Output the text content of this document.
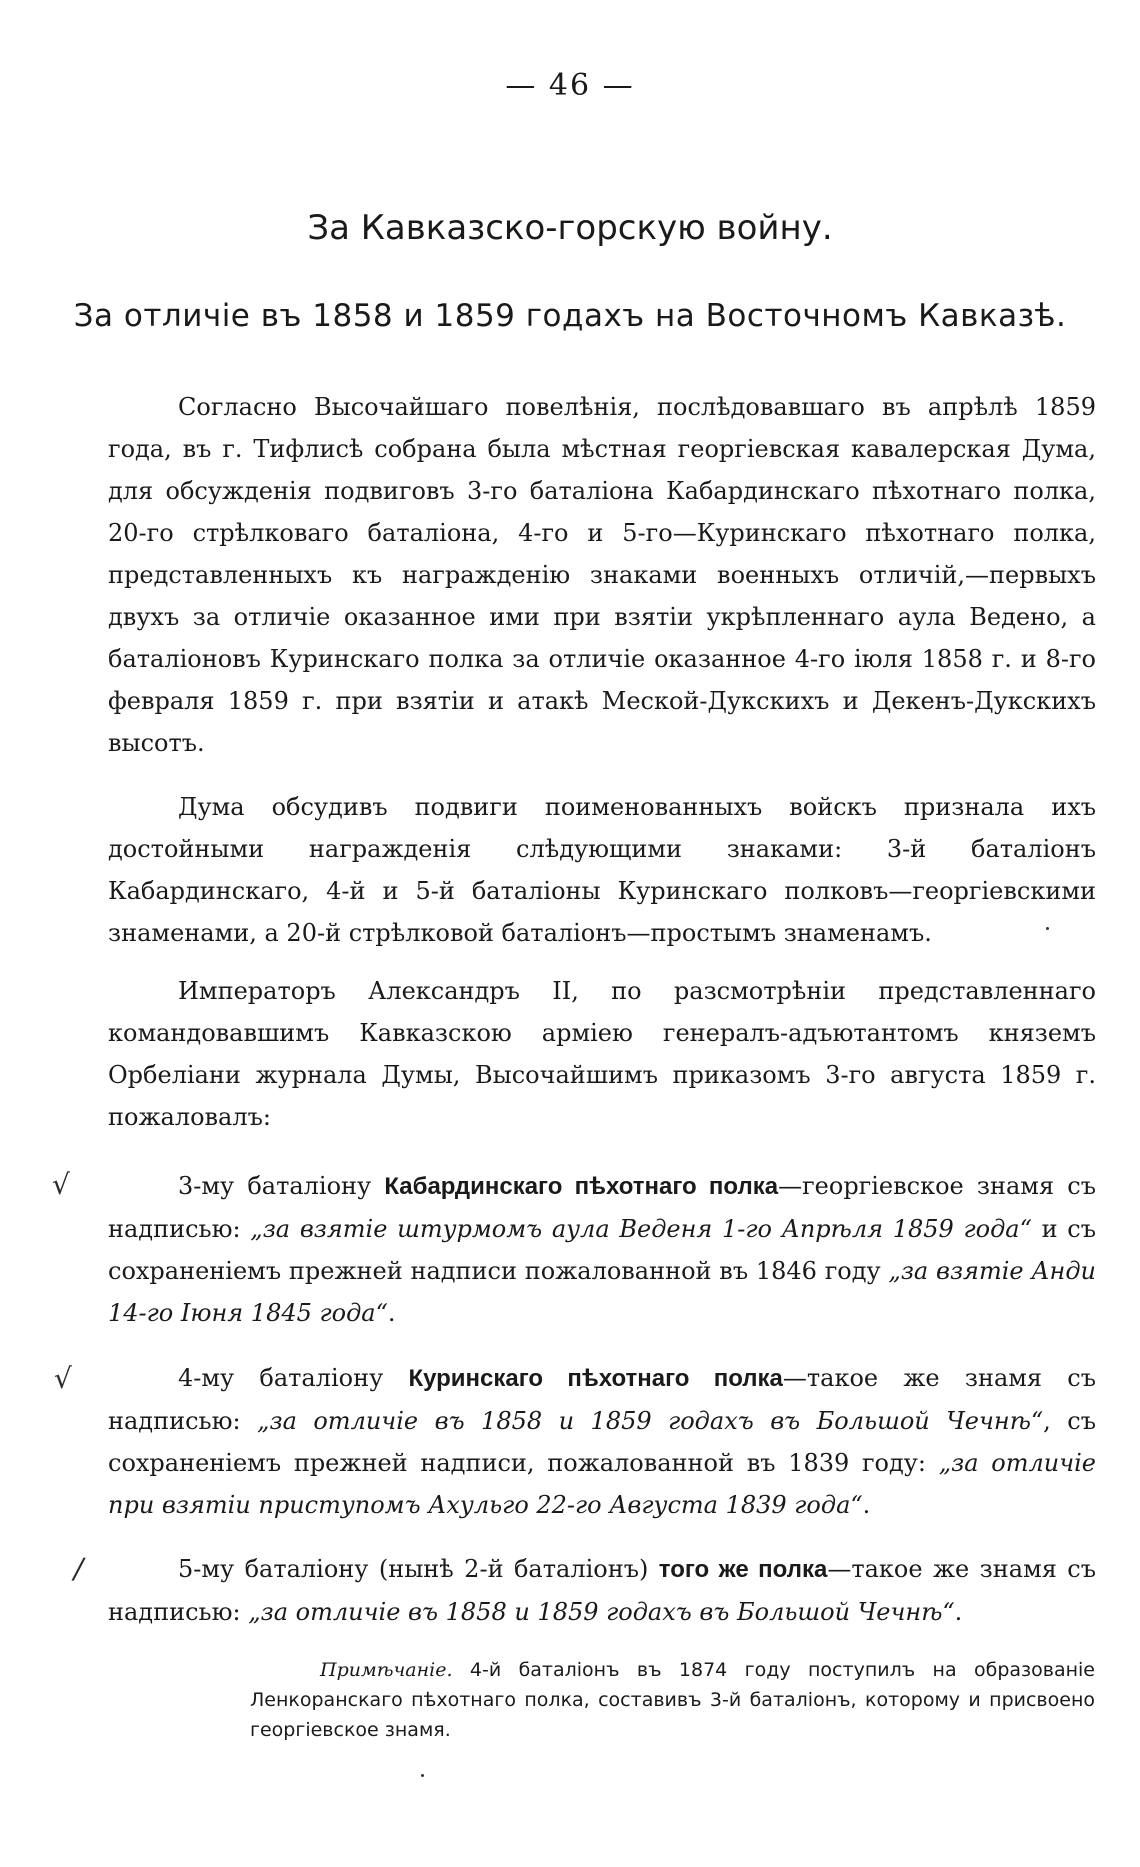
— 46 —
За Кавказско-горскую войну.
За отличіе въ 1858 и 1859 годахъ на Восточномъ Кавказѣ.

Согласно Высочайшаго повелѣнія, послѣдовавшаго въ апрѣлѣ 1859 года, въ г. Тифлисѣ собрана была мѣстная георгіевская кавалерская Дума, для обсужденія подвиговъ 3-го баталіона Кабардинскаго пѣхотнаго полка, 20-го стрѣлковаго баталіона, 4-го и 5-го—Куринскаго пѣхотнаго полка, представленныхъ къ награжденію знаками военныхъ отличій,—первыхъ двухъ за отличіе оказанное ими при взятіи укрѣпленнаго аула Ведено, а баталіоновъ Куринскаго полка за отличіе оказанное 4-го іюля 1858 г. и 8-го февраля 1859 г. при взятіи и атакѣ Меской-Дукскихъ и Декенъ-Дукскихъ высотъ.

Дума обсудивъ подвиги поименованныхъ войскъ признала ихъ достойными награжденія слѣдующими знаками: 3-й баталіонъ Кабардинскаго, 4-й и 5-й баталіоны Куринскаго полковъ—георгіевскими знаменами, а 20-й стрѣлковой баталіонъ—простымъ знаменамъ.

Императоръ Александръ II, по разсмотрѣніи представленнаго командовавшимъ Кавказскою арміею генералъ-адъютантомъ княземъ Орбеліани журнала Думы, Высочайшимъ приказомъ 3-го августа 1859 г. пожаловалъ:

3-му баталіону Кабардинскаго пѣхотнаго полка—георгіевское знамя съ надписью: „за взятіе штурмомъ аула Веденя 1-го Апрѣля 1859 года“ и съ сохраненіемъ прежней надписи пожалованной въ 1846 году „за взятіе Анди 14-го Іюня 1845 года“.

4-му баталіону Куринскаго пѣхотнаго полка—такое же знамя съ надписью: „за отличіе въ 1858 и 1859 годахъ въ Большой Чечнѣ“, съ сохраненіемъ прежней надписи, пожалованной въ 1839 году: „за отличіе при взятіи приступомъ Ахульго 22-го Августа 1839 года“.

5-му баталіону (нынѣ 2-й баталіонъ) того же полка—такое же знамя съ надписью: „за отличіе въ 1858 и 1859 годахъ въ Большой Чечнѣ“.

Примѣчаніе. 4-й баталіонъ въ 1874 году поступилъ на образованіе Ленкоранскаго пѣхотнаго полка, составивъ 3-й баталіонъ, которому и присвоено георгіевское знамя.

√
√
/
